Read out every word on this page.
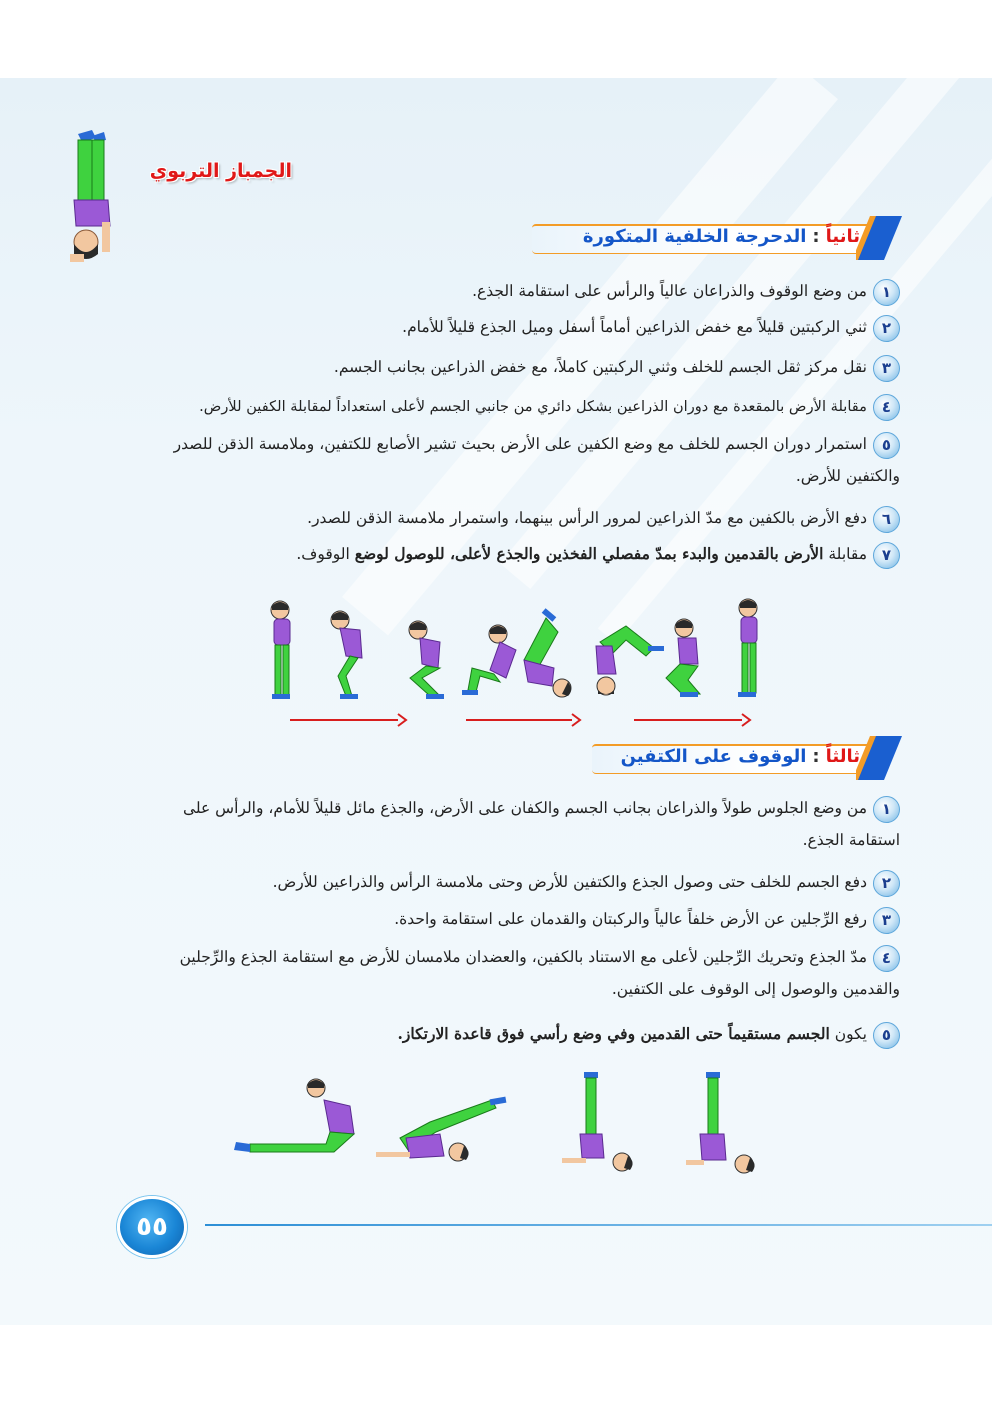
الجمباز التربوي
ثانياً:الدحرجة الخلفية المتكورة
١من وضع الوقوف والذراعان عالياً والرأس على استقامة الجذع.
٢ثني الركبتين قليلاً مع خفض الذراعين أماماً أسفل وميل الجذع قليلاً للأمام.
٣نقل مركز ثقل الجسم للخلف وثني الركبتين كاملاً، مع خفض الذراعين بجانب الجسم.
٤مقابلة الأرض بالمقعدة مع دوران الذراعين بشكل دائري من جانبي الجسم لأعلى استعداداً لمقابلة الكفين للأرض.
٥استمرار دوران الجسم للخلف مع وضع الكفين على الأرض بحيث تشير الأصابع للكتفين، وملامسة الذقن للصدر والكتفين للأرض.
٦دفع الأرض بالكفين مع مدّ الذراعين لمرور الرأس بينهما، واستمرار ملامسة الذقن للصدر.
٧مقابلة الأرض بالقدمين والبدء بمدّ مفصلي الفخذين والجذع لأعلى، للوصول لوضع الوقوف.
ثالثاً:الوقوف على الكتفين
١من وضع الجلوس طولاً والذراعان بجانب الجسم والكفان على الأرض، والجذع مائل قليلاً للأمام، والرأس على استقامة الجذع.
٢دفع الجسم للخلف حتى وصول الجذع والكتفين للأرض وحتى ملامسة الرأس والذراعين للأرض.
٣رفع الرِّجلين عن الأرض خلفاً عالياً والركبتان والقدمان على استقامة واحدة.
٤مدّ الجذع وتحريك الرِّجلين لأعلى مع الاستناد بالكفين، والعضدان ملامسان للأرض مع استقامة الجذع والرِّجلين والقدمين والوصول إلى الوقوف على الكتفين.
٥يكون الجسم مستقيماً حتى القدمين وفي وضع رأسي فوق قاعدة الارتكاز.
٥٥
